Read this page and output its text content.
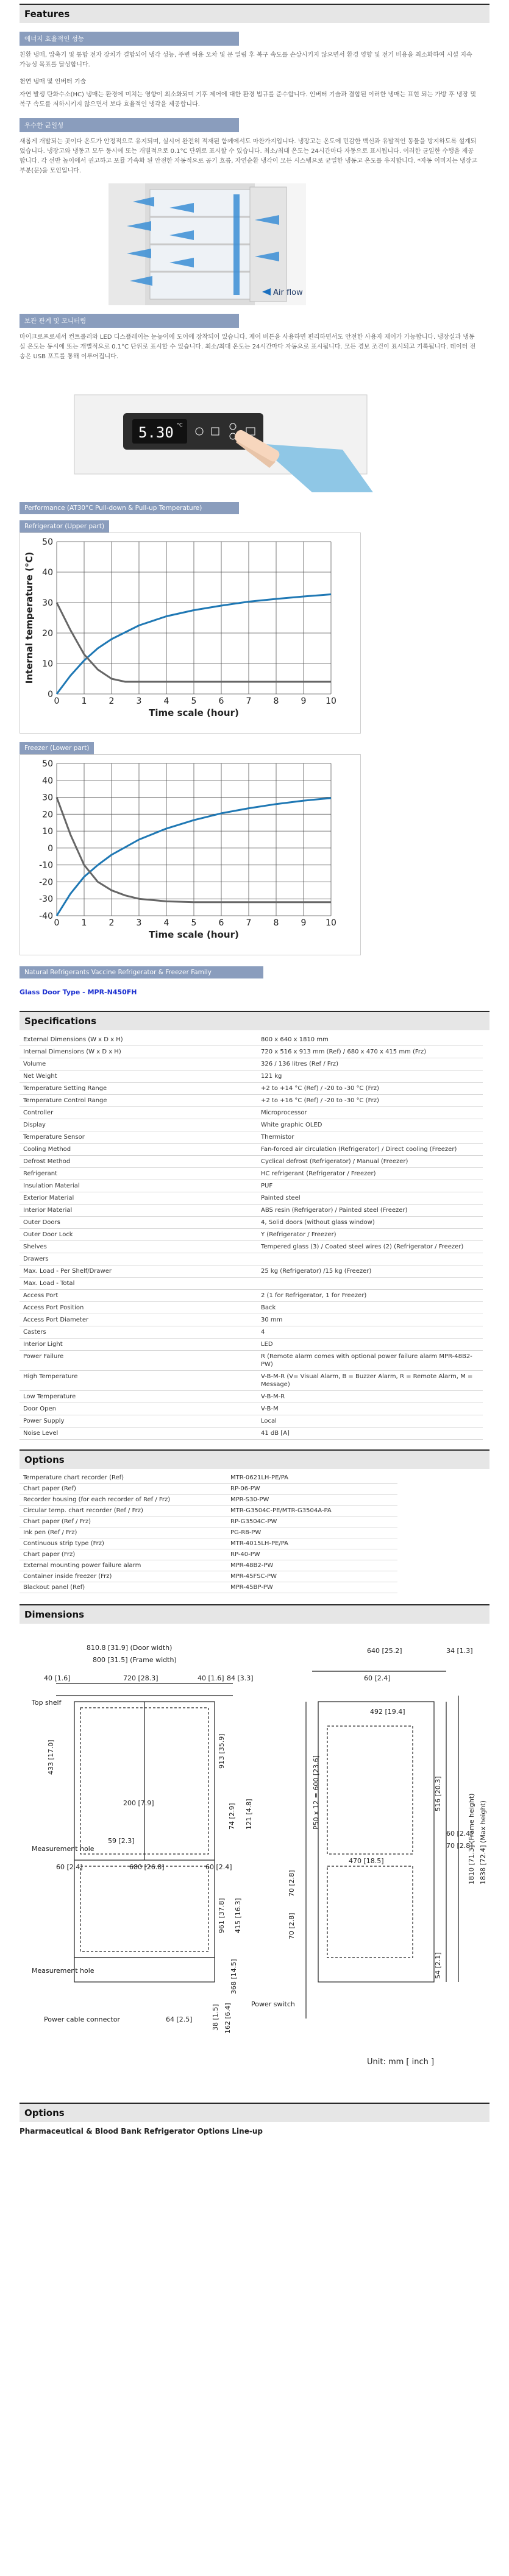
Features
에너지 효율적인 성능

친환 냉매, 압축기 및 통합 전자 장치가 결합되어 냉각 성능, 주변 허용 오차 및 문 열림 후 복구 속도를 손상시키지 않으면서 환경 영향 및 전기 비용을 최소화하여 시설 지속 가능성 목표를 달성합니다.

천연 냉매 및 인버터 기술

자연 발생 탄화수소(HC) 냉매는 환경에 미치는 영향이 최소화되며 기후 제어에 대한 환경 법규를 준수합니다. 인버터 기술과 결합된 이러한 냉매는 표현 되는 가방 후 냉장 및 복구 속도를 저하시키지 않으면서 보다 효율적인 냉각을 제공합니다.

우수한 균일성

새롭게 개발되는 곳이다 온도가 안정적으로 유지되며, 실시어 완전히 적재된 함께에서도 마찬가지입니다. 냉장고는 온도에 민감한 백신과 유발적인 동물을 방지하도록 설계되었습니다. 냉장고와 냉동고 모두 동시에 또는 개별적으로 0.1°C 단위로 표시할 수 있습니다. 최소/최대 온도는 24시간마다 자동으로 표시됩니다. 이러한 균일한 수행을 제공합니다. 각 선반 높이에서 권고하고 포뮬 가속화 된 안전한 자동적으로 공기 흐름, 자연순환 냉각이 모든 시스템으로 균일한 냉동고 온도를 유지합니다. *자동 이미지는 냉장고 부분(문)을 모인입니다.

Air flow
보관 관계 및 모니터링

마이크로프로세서 컨트롤러와 LED 디스플레이는 눈높이에 도어에 장착되어 있습니다. 제어 버튼을 사용하면 편리하면서도 안전한 사용자 제어가 가능합니다. 냉장실과 냉동실 온도는 동시에 또는 개별적으로 0.1°C 단위로 표시할 수 있습니다. 최소/최대 온도는 24시간마다 자동으로 표시됩니다. 모든 경보 조건이 표시되고 기록됩니다. 데이터 전송은 USB 포트를 통해 이루어집니다.

5.30 °C
Performance (AT30°C Pull-down & Pull-up Temperature)
Refrigerator (Upper part)
0	1	2	3	4	5	6	7	8	9 10
0
10
20
30
40
50
Time scale (hour)
Internal temperature (°C)
Freezer (Lower part)
0	1	2	3	4	5	6	7	8	9 10
-40
-30
-20
-10
0
10
20
30
40
50
Time scale (hour)
Natural Refrigerants Vaccine Refrigerator & Freezer Family
Glass Door Type - MPR-N450FH
Specifications
External Dimensions (W x D x H)	800 x 640 x 1810 mm
Internal Dimensions (W x D x H)	720 x 516 x 913 mm (Ref) / 680 x 470 x 415 mm (Frz)
Volume	326 / 136 litres (Ref / Frz)
Net Weight	121 kg
Temperature Setting Range	+2 to +14 °C (Ref) / -20 to -30 °C (Frz)
Temperature Control Range	+2 to +16 °C (Ref) / -20 to -30 °C (Frz)
Controller	Microprocessor
Display	White graphic OLED
Temperature Sensor	Thermistor
Cooling Method	Fan-forced air circulation (Refrigerator) / Direct cooling (Freezer)
Defrost Method	Cyclical defrost (Refrigerator) / Manual (Freezer)
Refrigerant	HC refrigerant (Refrigerator / Freezer)
Insulation Material	PUF
Exterior Material	Painted steel
Interior Material	ABS resin (Refrigerator) / Painted steel (Freezer)
Outer Doors	4, Solid doors (without glass window)
Outer Door Lock	Y (Refrigerator / Freezer)
Shelves	Tempered glass (3) / Coated steel wires (2) (Refrigerator / Freezer)
Drawers	
Max. Load - Per Shelf/Drawer	25 kg (Refrigerator) /15 kg (Freezer)
Max. Load - Total	
Access Port	2 (1 for Refrigerator, 1 for Freezer)
Access Port Position	Back
Access Port Diameter	30 mm
Casters	4
Interior Light	LED
Power Failure	R (Remote alarm comes with optional power failure alarm MPR-48B2-PW)
High Temperature	V-B-M-R (V= Visual Alarm, B = Buzzer Alarm, R = Remote Alarm, M = Message)
Low Temperature	V-B-M-R
Door Open	V-B-M
Power Supply	Local
Noise Level	41 dB [A]
Options
Temperature chart recorder (Ref)	MTR-0621LH-PE/PA
Chart paper (Ref)	RP-06-PW
Recorder housing (for each recorder of Ref / Frz)	MPR-S30-PW
Circular temp. chart recorder (Ref / Frz)	MTR-G3504C-PE/MTR-G3504A-PA
Chart paper (Ref / Frz)	RP-G3504C-PW
Ink pen (Ref / Frz)	PG-R8-PW
Continuous strip type (Frz)	MTR-4015LH-PE/PA
Chart paper (Frz)	RP-40-PW
External mounting power failure alarm	MPR-48B2-PW
Container inside freezer (Frz)	MPR-45FSC-PW
Blackout panel (Ref)	MPR-45BP-PW
Dimensions
810.8 [31.9] (Door width)
800 [31.5] (Frame width)
40 [1.6]	720 [28.3]	40 [1.6] 84 [3.3]
640 [25.2]	34 [1.3]
60 [2.4]
492 [19.4]
Top shelf
433 [17.0]
200 [7.9]
913 [35.9]
74 [2.9] 121 [4.8]	P50 x 12 = 600 [23.6]	516 [20.3]
60 [2.4]
70 [2.8]
1810 [71.3] (Frame height) 1838 [72.4] (Max height)
Measurement hole
59 [2.3]
680 [26.8]
60 [2.4]	60 [2.4]
70 [2.8]
470 [18.5]
415 [16.3]
961 [37.8]	70 [2.8]
Measurement hole	368 [14.5]	54 [2.1]
Power cable connector	64 [2.5]	38 [1.5] 162 [6.4]	Power switch
Unit: mm [ inch ]
Options
Pharmaceutical & Blood Bank Refrigerator Options Line-up
